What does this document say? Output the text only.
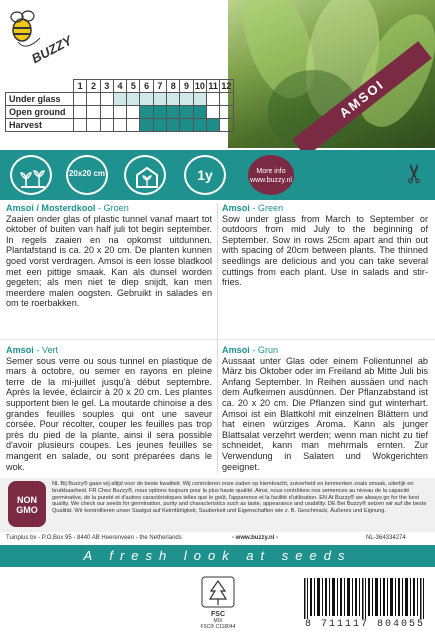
BUZZY
AMSOI
	1	2	3	4	5	6	7	8	9	10	11	12
Under glass												
Open ground												
Harvest												
20x20 cm	1y	More info
www.buzzy.nl	✂
Amsoi / Mosterdkool - Groen
Zaaien onder glas of plastic tunnel vanaf maart tot oktober of buiten van half juli tot begin september. In regels zaaien en na opkomst uitdunnen. Plantafstand is ca. 20 x 20 cm. De planten kunnen goed vorst verdragen. Amsoi is een losse bladkool met een pittige smaak. Kan als dunsel worden gegeten; als men niet te diep snijdt, kan men meerdere malen oogsten. Gebruikt in salades en om te roerbakken.
Amsoi - Green
Sow under glass from March to September or outdoors from mid July to the beginning of September. Sow in rows 25cm apart and thin out with spacing of 20cm between plants. The thinned seedlings are delicious and you can take several cuttings from each plant. Use in salads and stir-fries.
Amsoi - Vert
Semer sous verre ou sous tunnel en plastique de mars à octobre, ou semer en rayons en pleine terre de la mi-juillet jusqu'à début septembre. Après la levée, éclaircir à 20 x 20 cm. Les plantes supportent bien le gel. La moutarde chinoise a des grandes feuilles souples qui ont une saveur corsée. Pour récolter, couper les feuilles pas trop près du pied de la plante, ainsi il sera possible d'avoir plusieurs coupes. Les jeunes feuilles se mangent en salade, ou sont préparées dans le wok.
Amsoi - Grun
Aussaat unter Glas oder einem Folientunnel ab März bis Oktober oder im Freiland ab Mitte Juli bis Anfang September. In Reihen aussäen und nach dem Aufkeimen ausdünnen. Der Pflanzabstand ist ca. 20 x 20 cm. Die Pflanzen sind gut winterhart. Amsoi ist ein Blattkohl mit einzelnen Blättern und hat einen würziges Aroma. Kann als junger Blattsalat verzehrt werden; wenn man nicht zu tief schneidet, kann man mehrmals ernten. Zur Verwendung in Salaten und Wokgerichten geeignet.
NON
GMO
NL Bij Buzzy® gaan wij altijd voor de beste kwaliteit. Wij controleren onze zaden op kiemkracht, zuiverheid en kenmerken zoals smaak, uiterlijk en bruikbaarheid. FR Chez Buzzy®, nous options toujours pour la plus haute qualité. Ainsi, nous contrôlons nos semences au niveau de la capacité germinative, de la pureté et d'autres caractéristiques telles que le goût, l'apparence et la facilité d'utilisation. EN At Buzzy® we always go for the best quality. We check our seeds for germination, purity and characteristics such as taste, appearance and usability. DE Bei Buzzy® setzen wir auf die beste Qualität. Wir kontrollieren unser Saatgut auf Keimfähigkeit, Sauberkeit und Eigenschaften wie z. B. Geschmack, Äußeres und Eignung.
Tuinplus bv - P.O.Box 95 - 8440 AB Heerenveen - the Netherlands	- www.buzzy.nl -	NL-364334274
A fresh look at seeds
FSC
MIX
FSC® C118044	8 711117 804055
